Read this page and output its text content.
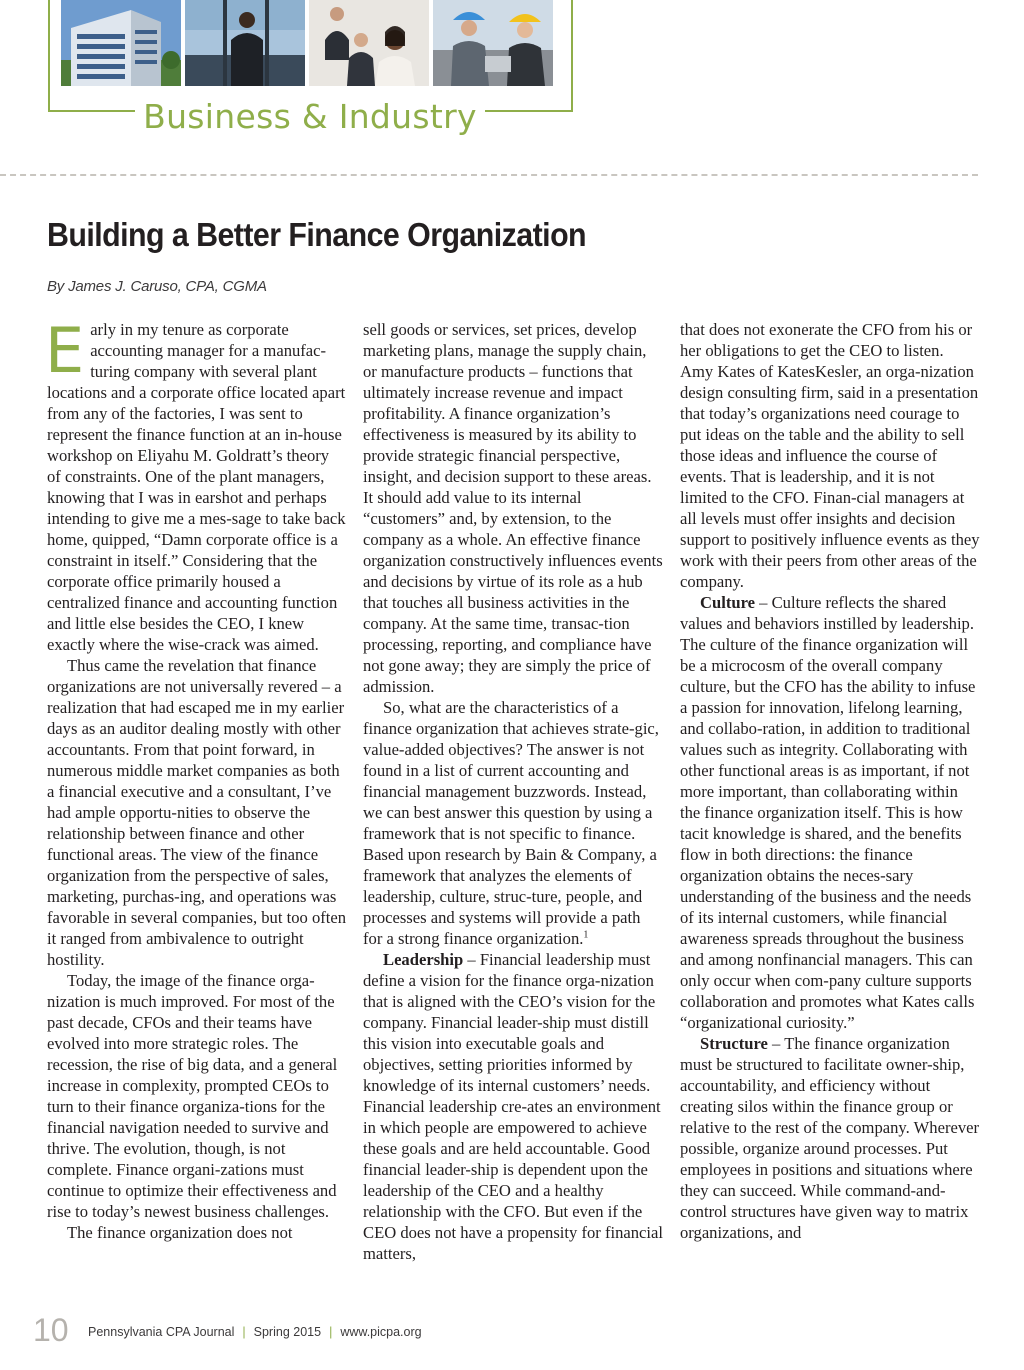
Business & Industry
Building a Better Finance Organization
By James J. Caruso, CPA, CGMA

Early in my tenure as corporate accounting manager for a manufac-turing company with several plant locations and a corporate office located apart from any of the factories, I was sent to represent the finance function at an in-house workshop on Eliyahu M. Goldratt’s theory of constraints. One of the plant managers, knowing that I was in earshot and perhaps intending to give me a mes-sage to take back home, quipped, “Damn corporate office is a constraint in itself.” Considering that the corporate office primarily housed a centralized finance and accounting function and little else besides the CEO, I knew exactly where the wise-crack was aimed.

Thus came the revelation that finance organizations are not universally revered – a realization that had escaped me in my earlier days as an auditor dealing mostly with other accountants. From that point forward, in numerous middle market companies as both a financial executive and a consultant, I’ve had ample opportu-nities to observe the relationship between finance and other functional areas. The view of the finance organization from the perspective of sales, marketing, purchas-ing, and operations was favorable in several companies, but too often it ranged from ambivalence to outright hostility.

Today, the image of the finance orga-nization is much improved. For most of the past decade, CFOs and their teams have evolved into more strategic roles. The recession, the rise of big data, and a general increase in complexity, prompted CEOs to turn to their finance organiza-tions for the financial navigation needed to survive and thrive. The evolution, though, is not complete. Finance organi-zations must continue to optimize their effectiveness and rise to today’s newest business challenges.

The finance organization does not

sell goods or services, set prices, develop marketing plans, manage the supply chain, or manufacture products – functions that ultimately increase revenue and impact profitability. A finance organization’s effectiveness is measured by its ability to provide strategic financial perspective, insight, and decision support to these areas. It should add value to its internal “customers” and, by extension, to the company as a whole. An effective finance organization constructively influences events and decisions by virtue of its role as a hub that touches all business activities in the company. At the same time, transac-tion processing, reporting, and compliance have not gone away; they are simply the price of admission.

So, what are the characteristics of a finance organization that achieves strate-gic, value-added objectives? The answer is not found in a list of current accounting and financial management buzzwords. Instead, we can best answer this question by using a framework that is not specific to finance. Based upon research by Bain & Company, a framework that analyzes the elements of leadership, culture, struc-ture, people, and processes and systems will provide a path for a strong finance organization.$^1$

Leadership – Financial leadership must define a vision for the finance orga-nization that is aligned with the CEO’s vision for the company. Financial leader-ship must distill this vision into executable goals and objectives, setting priorities informed by knowledge of its internal customers’ needs. Financial leadership cre-ates an environment in which people are empowered to achieve these goals and are held accountable. Good financial leader-ship is dependent upon the leadership of the CEO and a healthy relationship with the CFO. But even if the CEO does not have a propensity for financial matters,

that does not exonerate the CFO from his or her obligations to get the CEO to listen. Amy Kates of KatesKesler, an orga-nization design consulting firm, said in a presentation that today’s organizations need courage to put ideas on the table and the ability to sell those ideas and influence the course of events. That is leadership, and it is not limited to the CFO. Finan-cial managers at all levels must offer insights and decision support to positively influence events as they work with their peers from other areas of the company.

Culture – Culture reflects the shared values and behaviors instilled by leadership. The culture of the finance organization will be a microcosm of the overall company culture, but the CFO has the ability to infuse a passion for innovation, lifelong learning, and collabo-ration, in addition to traditional values such as integrity. Collaborating with other functional areas is as important, if not more important, than collaborating within the finance organization itself. This is how tacit knowledge is shared, and the benefits flow in both directions: the finance organization obtains the neces-sary understanding of the business and the needs of its internal customers, while financial awareness spreads throughout the business and among nonfinancial managers. This can only occur when com-pany culture supports collaboration and promotes what Kates calls “organizational curiosity.”

Structure – The finance organization must be structured to facilitate owner-ship, accountability, and efficiency without creating silos within the finance group or relative to the rest of the company. Wherever possible, organize around processes. Put employees in positions and situations where they can succeed. While command-and-control structures have given way to matrix organizations, and

10 Pennsylvania CPA Journal | Spring 2015 | www.picpa.org
